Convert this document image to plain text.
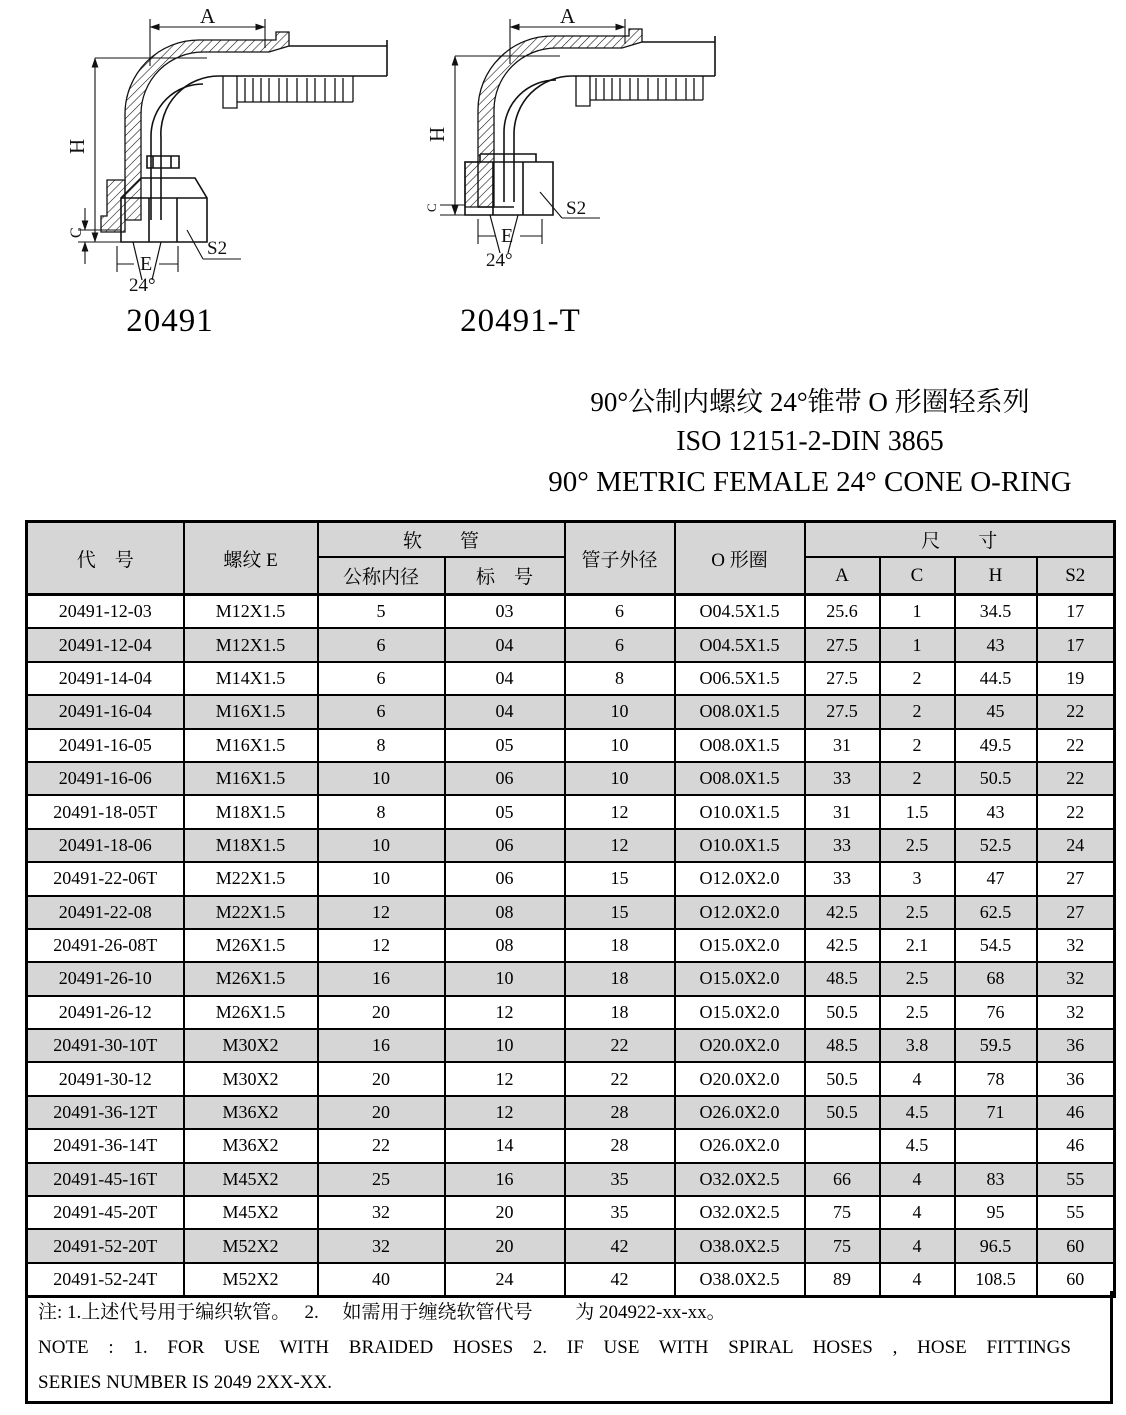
A
H
C
E
S2
24°
A
H
C
E
S2
24°
20491	20491-T
90°公制内螺纹 24°锥带 O 形圈轻系列
ISO 12151-2-DIN 3865
90° METRIC FEMALE 24° CONE O-RING
代　号	螺纹 E	软　　管		管子外径	O 形圈	尺　　寸			
		公称内径	标　号			A	C	H	S2
20491-12-03	M12X1.5	5	03	6	O04.5X1.5	25.6	1	34.5	17
20491-12-04	M12X1.5	6	04	6	O04.5X1.5	27.5	1	43	17
20491-14-04	M14X1.5	6	04	8	O06.5X1.5	27.5	2	44.5	19
20491-16-04	M16X1.5	6	04	10	O08.0X1.5	27.5	2	45	22
20491-16-05	M16X1.5	8	05	10	O08.0X1.5	31	2	49.5	22
20491-16-06	M16X1.5	10	06	10	O08.0X1.5	33	2	50.5	22
20491-18-05T	M18X1.5	8	05	12	O10.0X1.5	31	1.5	43	22
20491-18-06	M18X1.5	10	06	12	O10.0X1.5	33	2.5	52.5	24
20491-22-06T	M22X1.5	10	06	15	O12.0X2.0	33	3	47	27
20491-22-08	M22X1.5	12	08	15	O12.0X2.0	42.5	2.5	62.5	27
20491-26-08T	M26X1.5	12	08	18	O15.0X2.0	42.5	2.1	54.5	32
20491-26-10	M26X1.5	16	10	18	O15.0X2.0	48.5	2.5	68	32
20491-26-12	M26X1.5	20	12	18	O15.0X2.0	50.5	2.5	76	32
20491-30-10T	M30X2	16	10	22	O20.0X2.0	48.5	3.8	59.5	36
20491-30-12	M30X2	20	12	22	O20.0X2.0	50.5	4	78	36
20491-36-12T	M36X2	20	12	28	O26.0X2.0	50.5	4.5	71	46
20491-36-14T	M36X2	22	14	28	O26.0X2.0		4.5		46
20491-45-16T	M45X2	25	16	35	O32.0X2.5	66	4	83	55
20491-45-20T	M45X2	32	20	35	O32.0X2.5	75	4	95	55
20491-52-20T	M52X2	32	20	42	O38.0X2.5	75	4	96.5	60
20491-52-24T	M52X2	40	24	42	O38.0X2.5	89	4	108.5	60
注: 1.上述代号用于编织软管。　 2.　 如需用于缠绕软管代号　　 为 204922-xx-xx。
NOTE : 1. FOR USE WITH BRAIDED HOSES 2. IF USE WITH SPIRAL HOSES , HOSE FITTINGS
SERIES NUMBER IS 2049 2XX-XX.
